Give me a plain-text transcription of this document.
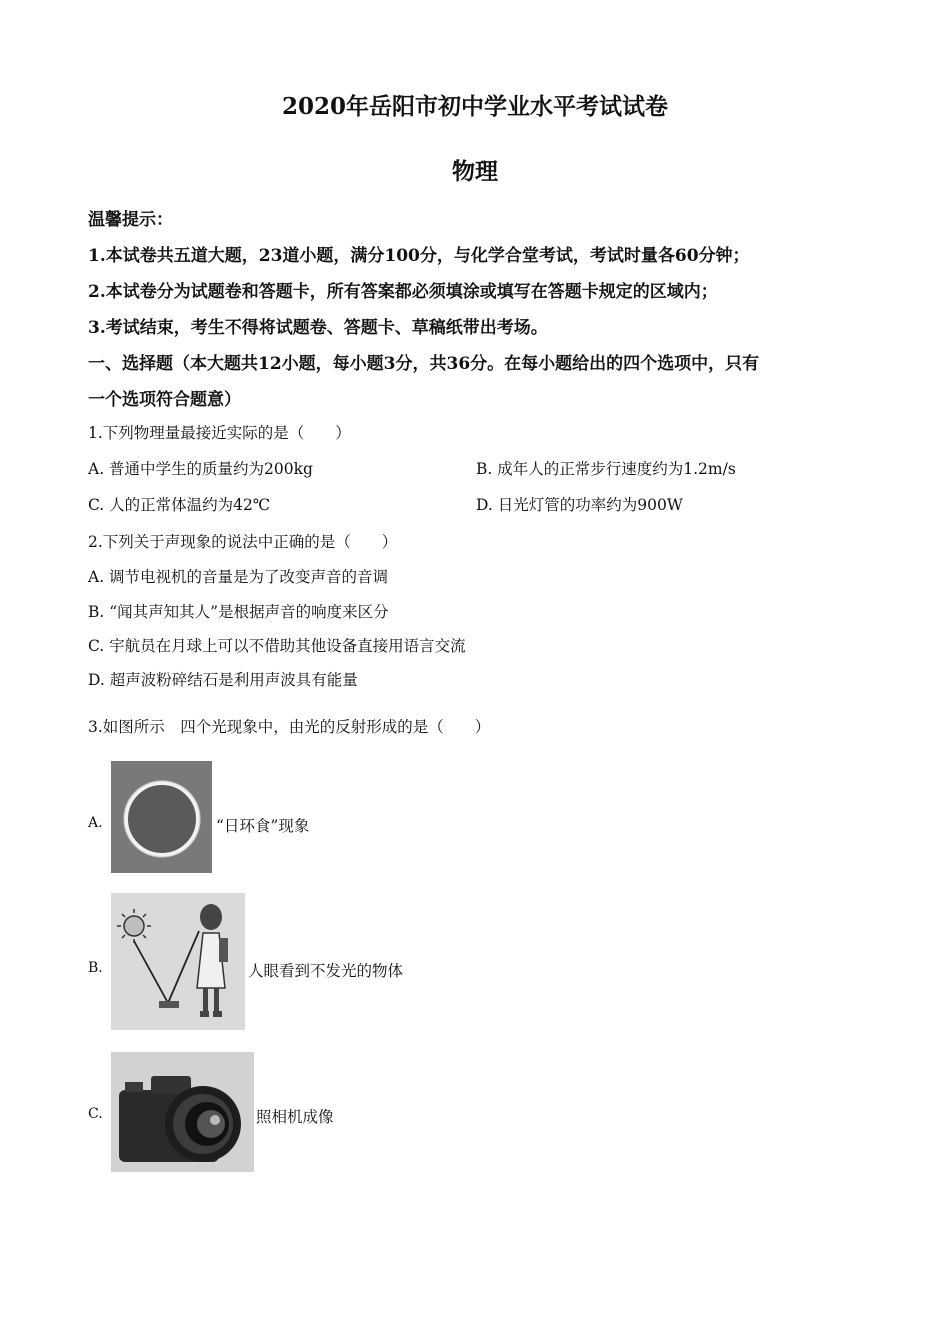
2020年岳阳市初中学业水平考试试卷
物理
温馨提示：
1.本试卷共五道大题，23道小题，满分100分，与化学合堂考试，考试时量各60分钟；
2.本试卷分为试题卷和答题卡，所有答案都必须填涂或填写在答题卡规定的区域内；
3.考试结束，考生不得将试题卷、答题卡、草稿纸带出考场。
一、选择题（本大题共12小题，每小题3分，共36分。在每小题给出的四个选项中，只有
一个选项符合题意）
1.下列物理量最接近实际的是（　　）
A. 普通中学生的质量约为200kg	B. 成年人的正常步行速度约为1.2m/s
C. 人的正常体温约为42℃	D. 日光灯管的功率约为900W
2.下列关于声现象的说法中正确的是（　　）
A. 调节电视机的音量是为了改变声音的音调
B. “闻其声知其人”是根据声音的响度来区分
C. 宇航员在月球上可以不借助其他设备直接用语言交流
D. 超声波粉碎结石是利用声波具有能量
3.如图所示　四个光现象中，由光的反射形成的是（　　）
A.	“日环食”现象
B.	人眼看到不发光的物体
C.	照相机成像
